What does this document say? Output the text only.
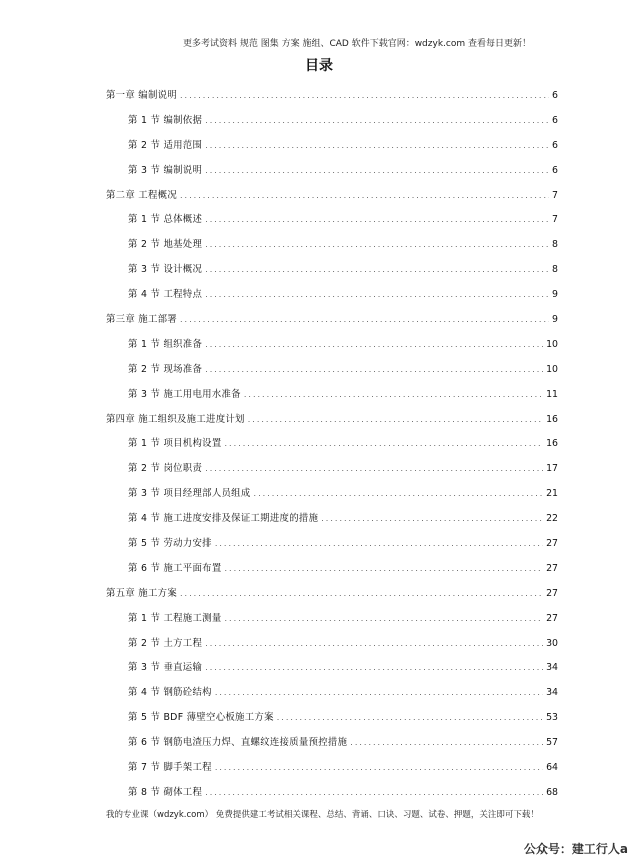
更多考试资料 规范 图集 方案 施组、CAD 软件下载官网：wdzyk.com 查看每日更新！
目录
第一章 编制说明 .....	6
第 1 节 编制依据 .....	6
第 2 节 适用范围 .....	6
第 3 节 编制说明 .....	6
第二章 工程概况 .....	7
第 1 节 总体概述 .....	7
第 2 节 地基处理 .....	8
第 3 节 设计概况 .....	8
第 4 节 工程特点 .....	9
第三章 施工部署 .....	9
第 1 节 组织准备 .....	10
第 2 节 现场准备 .....	10
第 3 节 施工用电用水准备 .....	11
第四章 施工组织及施工进度计划 .....	16
第 1 节 项目机构设置 .....	16
第 2 节 岗位职责 .....	17
第 3 节 项目经理部人员组成 .....	21
第 4 节 施工进度安排及保证工期进度的措施 .....	22
第 5 节 劳动力安排 .....	27
第 6 节 施工平面布置 .....	27
第五章 施工方案 .....	27
第 1 节 工程施工测量 .....	27
第 2 节 土方工程 .....	30
第 3 节 垂直运输 .....	34
第 4 节 钢筋砼结构 .....	34
第 5 节 BDF 薄壁空心板施工方案 .....	53
第 6 节 钢筋电渣压力焊、直螺纹连接质量预控措施 .....	57
第 7 节 脚手架工程 .....	64
第 8 节 砌体工程 .....	68
我的专业课（wdzyk.com） 免费提供建工考试相关课程、总结、背诵、口诀、习题、试卷、押题，关注即可下载！
公众号：建工行人a
